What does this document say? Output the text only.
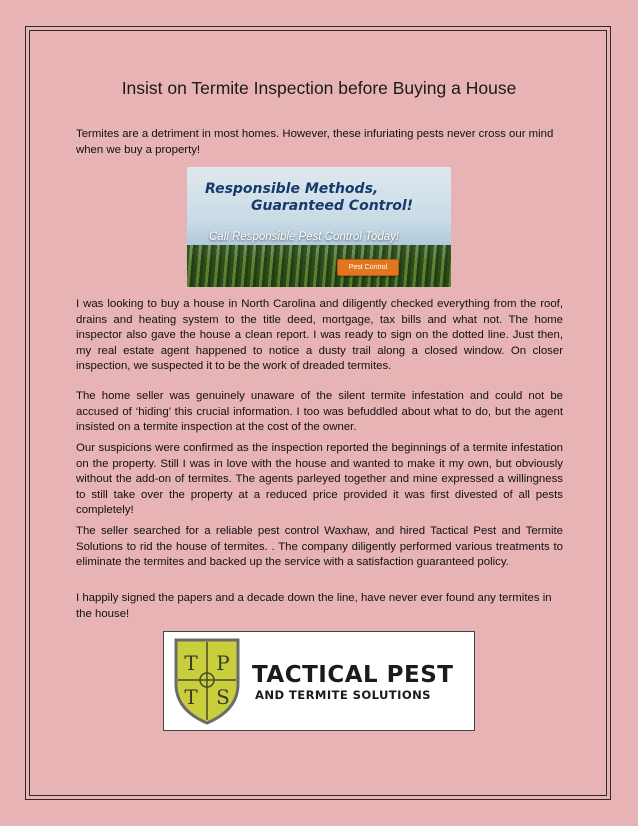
Insist on Termite Inspection before Buying a House

Termites are a detriment in most homes. However, these infuriating pests never cross our mind when we buy a property!

Responsible Methods,
Guaranteed Control!

Call Responsible Pest Control Today!

Pest Control

I was looking to buy a house in North Carolina and diligently checked everything from the roof, drains and heating system to the title deed, mortgage, tax bills and what not. The home inspector also gave the house a clean report. I was ready to sign on the dotted line. Just then, my real estate agent happened to notice a dusty trail along a closed window. On closer inspection, we suspected it to be the work of dreaded termites.

The home seller was genuinely unaware of the silent termite infestation and could not be accused of ‘hiding’ this crucial information. I too was befuddled about what to do, but the agent insisted on a termite inspection at the cost of the owner.

Our suspicions were confirmed as the inspection reported the beginnings of a termite infestation on the property. Still I was in love with the house and wanted to make it my own, but obviously without the add-on of termites. The agents parleyed together and mine expressed a willingness to still take over the property at a reduced price provided it was first divested of all pests completely!

The seller searched for a reliable pest control Waxhaw, and hired Tactical Pest and Termite Solutions to rid the house of termites. . The company diligently performed various treatments to eliminate the termites and backed up the service with a satisfaction guaranteed policy.

I happily signed the papers and a decade down the line, have never ever found any termites in the house!

T P
T S

TACTICAL PEST

AND TERMITE SOLUTIONS
